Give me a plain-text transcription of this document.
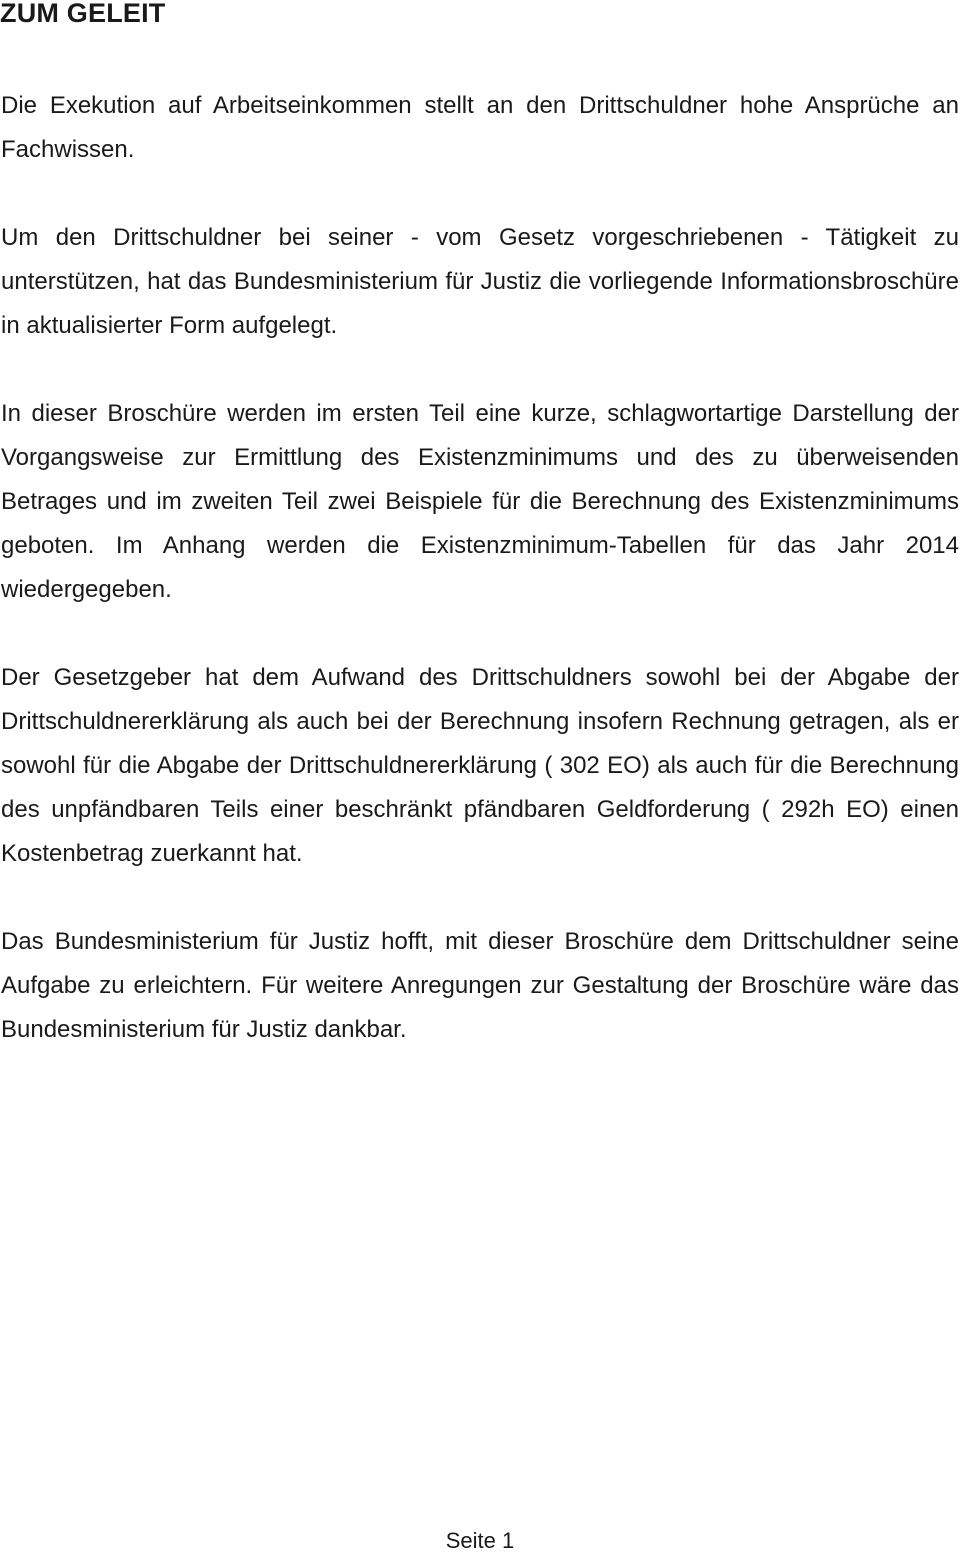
ZUM GELEIT

Die Exekution auf Arbeitseinkommen stellt an den Drittschuldner hohe Ansprüche an Fachwissen.

Um den Drittschuldner bei seiner - vom Gesetz vorgeschriebenen - Tätigkeit zu unterstützen, hat das Bundesministerium für Justiz die vorliegende Informationsbroschüre in aktualisierter Form aufgelegt.

In dieser Broschüre werden im ersten Teil eine kurze, schlagwortartige Darstellung der Vorgangsweise zur Ermittlung des Existenzminimums und des zu überweisenden Betrages und im zweiten Teil zwei Beispiele für die Berechnung des Existenzminimums geboten. Im Anhang werden die Existenzminimum-Tabellen für das Jahr 2014 wiedergegeben.

Der Gesetzgeber hat dem Aufwand des Drittschuldners sowohl bei der Abgabe der Drittschuldnererklärung als auch bei der Berechnung insofern Rechnung getragen, als er sowohl für die Abgabe der Drittschuldnererklärung ( 302 EO) als auch für die Berechnung des unpfändbaren Teils einer beschränkt pfändbaren Geldforderung ( 292h EO) einen Kostenbetrag zuerkannt hat.

Das Bundesministerium für Justiz hofft, mit dieser Broschüre dem Drittschuldner seine Aufgabe zu erleichtern. Für weitere Anregungen zur Gestaltung der Broschüre wäre das Bundesministerium für Justiz dankbar.

Seite 1
